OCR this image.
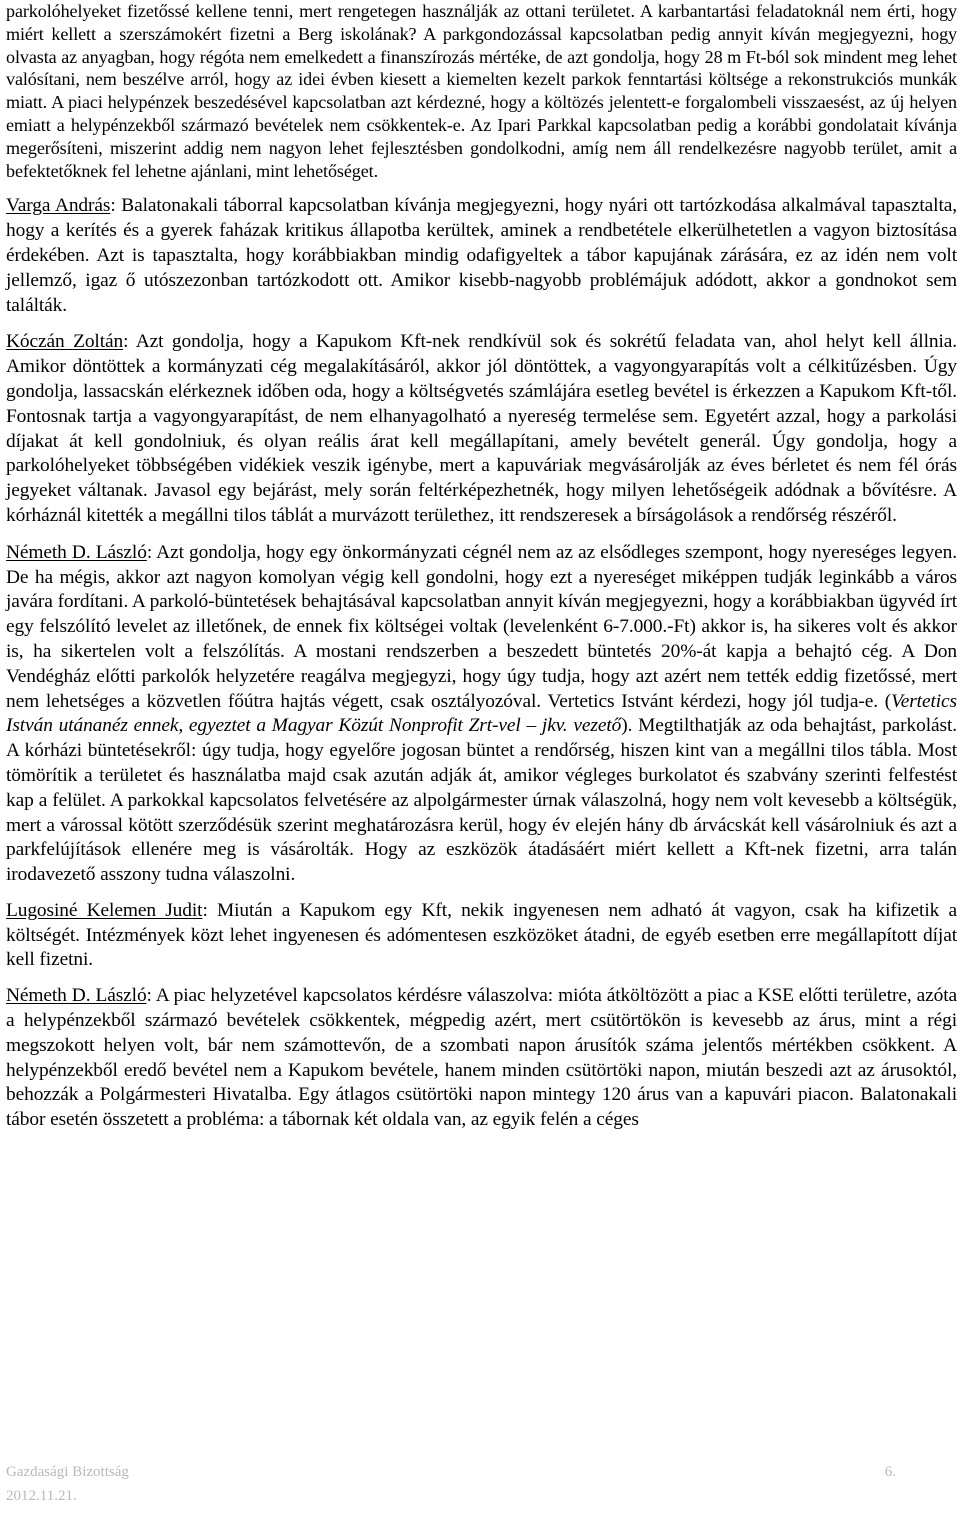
parkolóhelyeket fizetőssé kellene tenni, mert rengetegen használják az ottani területet. A karbantartási feladatoknál nem érti, hogy miért kellett a szerszámokért fizetni a Berg iskolának? A parkgondozással kapcsolatban pedig annyit kíván megjegyezni, hogy olvasta az anyagban, hogy régóta nem emelkedett a finanszírozás mértéke, de azt gondolja, hogy 28 m Ft-ból sok mindent meg lehet valósítani, nem beszélve arról, hogy az idei évben kiesett a kiemelten kezelt parkok fenntartási költsége a rekonstrukciós munkák miatt. A piaci helypénzek beszedésével kapcsolatban azt kérdezné, hogy a költözés jelentett-e forgalombeli visszaesést, az új helyen emiatt a helypénzekből származó bevételek nem csökkentek-e. Az Ipari Parkkal kapcsolatban pedig a korábbi gondolatait kívánja megerősíteni, miszerint addig nem nagyon lehet fejlesztésben gondolkodni, amíg nem áll rendelkezésre nagyobb terület, amit a befektetőknek fel lehetne ajánlani, mint lehetőséget.

Varga András: Balatonakali táborral kapcsolatban kívánja megjegyezni, hogy nyári ott tartózkodása alkalmával tapasztalta, hogy a kerítés és a gyerek faházak kritikus állapotba kerültek, aminek a rendbetétele elkerülhetetlen a vagyon biztosítása érdekében. Azt is tapasztalta, hogy korábbiakban mindig odafigyeltek a tábor kapujának zárására, ez az idén nem volt jellemző, igaz ő utószezonban tartózkodott ott. Amikor kisebb-nagyobb problémájuk adódott, akkor a gondnokot sem találták.

Kóczán Zoltán: Azt gondolja, hogy a Kapukom Kft-nek rendkívül sok és sokrétű feladata van, ahol helyt kell állnia. Amikor döntöttek a kormányzati cég megalakításáról, akkor jól döntöttek, a vagyongyarapítás volt a célkitűzésben. Úgy gondolja, lassacskán elérkeznek időben oda, hogy a költségvetés számlájára esetleg bevétel is érkezzen a Kapukom Kft-től. Fontosnak tartja a vagyongyarapítást, de nem elhanyagolható a nyereség termelése sem. Egyetért azzal, hogy a parkolási díjakat át kell gondolniuk, és olyan reális árat kell megállapítani, amely bevételt generál. Úgy gondolja, hogy a parkolóhelyeket többségében vidékiek veszik igénybe, mert a kapuváriak megvásárolják az éves bérletet és nem fél órás jegyeket váltanak. Javasol egy bejárást, mely során feltérképezhetnék, hogy milyen lehetőségeik adódnak a bővítésre. A kórháznál kitették a megállni tilos táblát a murvázott területhez, itt rendszeresek a bírságolások a rendőrség részéről.

Németh D. László: Azt gondolja, hogy egy önkormányzati cégnél nem az az elsődleges szempont, hogy nyereséges legyen. De ha mégis, akkor azt nagyon komolyan végig kell gondolni, hogy ezt a nyereséget miképpen tudják leginkább a város javára fordítani. A parkoló-büntetések behajtásával kapcsolatban annyit kíván megjegyezni, hogy a korábbiakban ügyvéd írt egy felszólító levelet az illetőnek, de ennek fix költségei voltak (levelenként 6-7.000.-Ft) akkor is, ha sikeres volt és akkor is, ha sikertelen volt a felszólítás. A mostani rendszerben a beszedett büntetés 20%-át kapja a behajtó cég. A Don Vendégház előtti parkolók helyzetére reagálva megjegyzi, hogy úgy tudja, hogy azt azért nem tették eddig fizetőssé, mert nem lehetséges a közvetlen főútra hajtás végett, csak osztályozóval. Vertetics Istvánt kérdezi, hogy jól tudja-e. (Vertetics István utánanéz ennek, egyeztet a Magyar Közút Nonprofit Zrt-vel – jkv. vezető). Megtilthatják az oda behajtást, parkolást. A kórházi büntetésekről: úgy tudja, hogy egyelőre jogosan büntet a rendőrség, hiszen kint van a megállni tilos tábla. Most tömörítik a területet és használatba majd csak azután adják át, amikor végleges burkolatot és szabvány szerinti felfestést kap a felület. A parkokkal kapcsolatos felvetésére az alpolgármester úrnak válaszolná, hogy nem volt kevesebb a költségük, mert a várossal kötött szerződésük szerint meghatározásra kerül, hogy év elején hány db árvácskát kell vásárolniuk és azt a parkfelújítások ellenére meg is vásárolták. Hogy az eszközök átadásáért miért kellett a Kft-nek fizetni, arra talán irodavezető asszony tudna válaszolni.

Lugosiné Kelemen Judit: Miután a Kapukom egy Kft, nekik ingyenesen nem adható át vagyon, csak ha kifizetik a költségét. Intézmények közt lehet ingyenesen és adómentesen eszközöket átadni, de egyéb esetben erre megállapított díjat kell fizetni.

Németh D. László: A piac helyzetével kapcsolatos kérdésre válaszolva: mióta átköltözött a piac a KSE előtti területre, azóta a helypénzekből származó bevételek csökkentek, mégpedig azért, mert csütörtökön is kevesebb az árus, mint a régi megszokott helyen volt, bár nem számottevőn, de a szombati napon árusítók száma jelentős mértékben csökkent. A helypénzekből eredő bevétel nem a Kapukom bevétele, hanem minden csütörtöki napon, miután beszedi azt az árusoktól, behozzák a Polgármesteri Hivatalba. Egy átlagos csütörtöki napon mintegy 120 árus van a kapuvári piacon. Balatonakali tábor esetén összetett a probléma: a tábornak két oldala van, az egyik felén a céges

Gazdasági Bizottság	6.
2012.11.21.
